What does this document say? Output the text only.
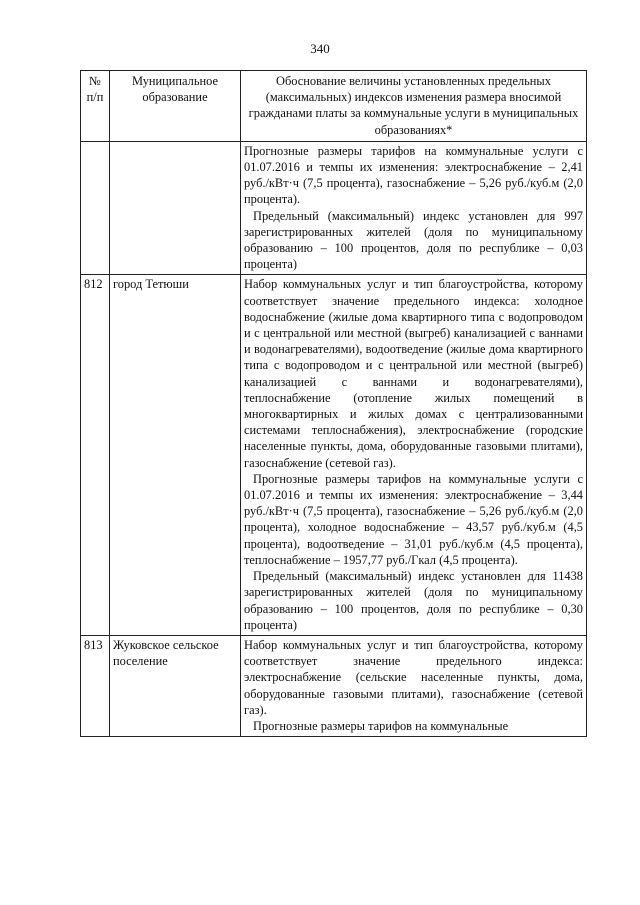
340
№ п/п	Муниципальное образование	Обоснование величины установленных предельных (максимальных) индексов изменения размера вносимой гражданами платы за коммунальные услуги в муниципальных образованиях*

		Прогнозные размеры тарифов на коммунальные услуги с 01.07.2016 и темпы их изменения: электроснабжение – 2,41 руб./кВт·ч (7,5 процента), газоснабжение – 5,26 руб./куб.м (2,0 процента).

Предельный (максимальный) индекс установлен для 997 зарегистрированных жителей (доля по муниципальному образованию – 100 процентов, доля по республике – 0,03 процента)

812	город Тетюши	Набор коммунальных услуг и тип благоустройства, которому соответствует значение предельного индекса: холодное водоснабжение (жилые дома квартирного типа с водопроводом и с центральной или местной (выгреб) канализацией с ваннами и водонагревателями), водоотведение (жилые дома квартирного типа с водопроводом и с центральной или местной (выгреб) канализацией с ваннами и водонагревателями), теплоснабжение (отопление жилых помещений в многоквартирных и жилых домах с централизованными системами теплоснабжения), электроснабжение (городские населенные пункты, дома, оборудованные газовыми плитами), газоснабжение (сетевой газ).

Прогнозные размеры тарифов на коммунальные услуги с 01.07.2016 и темпы их изменения: электроснабжение – 3,44 руб./кВт·ч (7,5 процента), газоснабжение – 5,26 руб./куб.м (2,0 процента), холодное водоснабжение – 43,57 руб./куб.м (4,5 процента), водоотведение – 31,01 руб./куб.м (4,5 процента), теплоснабжение – 1957,77 руб./Гкал (4,5 процента).

Предельный (максимальный) индекс установлен для 11438 зарегистрированных жителей (доля по муниципальному образованию – 100 процентов, доля по республике – 0,30 процента)

813	Жуковское сельское поселение	Набор коммунальных услуг и тип благоустройства, которому соответствует значение предельного индекса: электроснабжение (сельские населенные пункты, дома, оборудованные газовыми плитами), газоснабжение (сетевой газ).

Прогнозные размеры тарифов на коммунальные
